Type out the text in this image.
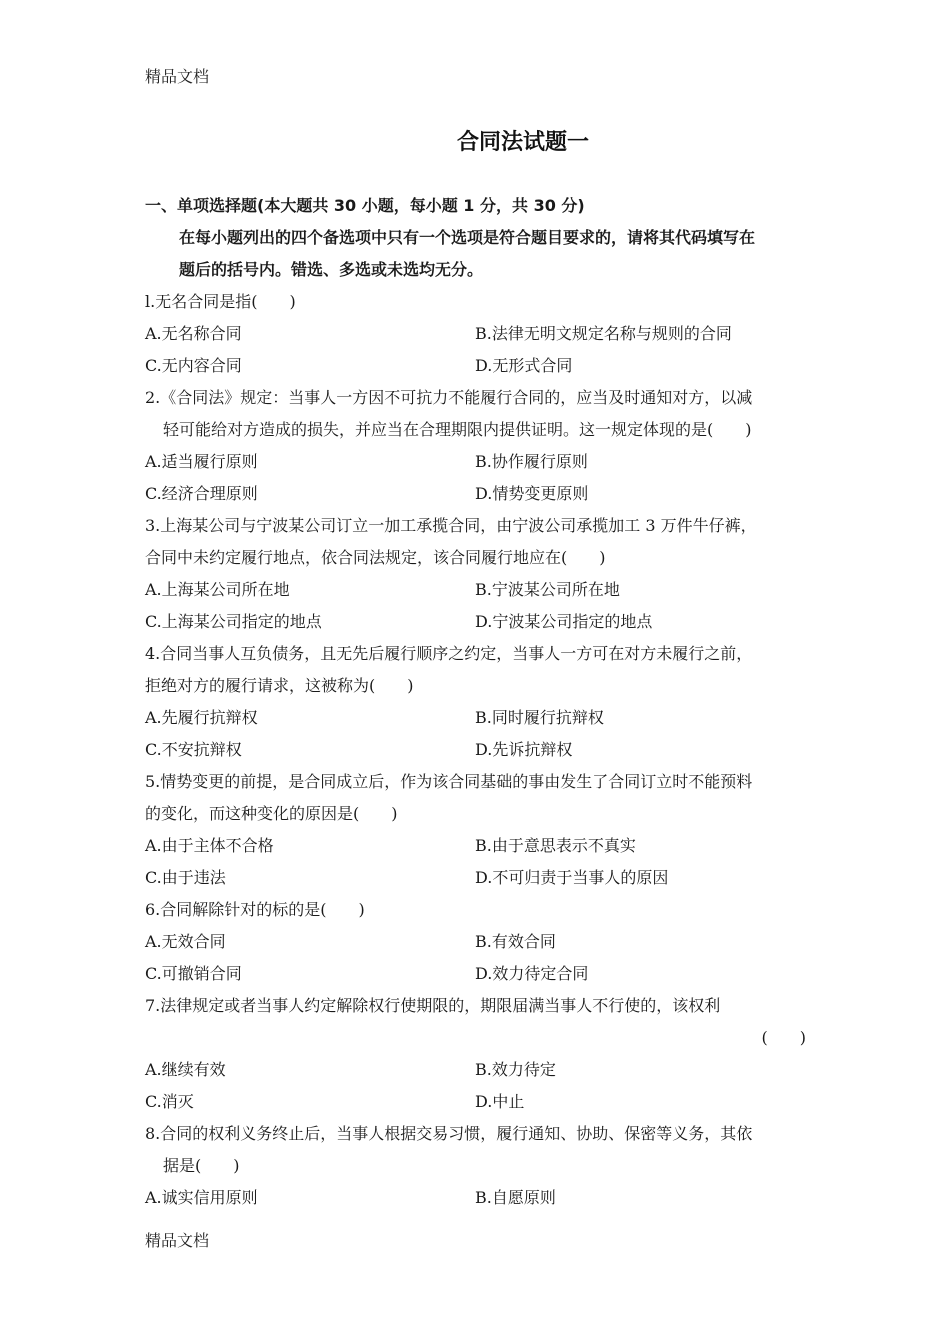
精品文档
合同法试题一
一、单项选择题(本大题共 30 小题，每小题 1 分，共 30 分)
在每小题列出的四个备选项中只有一个选项是符合题目要求的，请将其代码填写在
题后的括号内。错选、多选或未选均无分。
l.无名合同是指(　　)
A.无名称合同	B.法律无明文规定名称与规则的合同
C.无内容合同	D.无形式合同
2.《合同法》规定：当事人一方因不可抗力不能履行合同的，应当及时通知对方，以减
轻可能给对方造成的损失，并应当在合理期限内提供证明。这一规定体现的是(　　)
A.适当履行原则	B.协作履行原则
C.经济合理原则	D.情势变更原则
3.上海某公司与宁波某公司订立一加工承揽合同，由宁波公司承揽加工 3 万件牛仔裤，
合同中未约定履行地点，依合同法规定，该合同履行地应在(　　)
A.上海某公司所在地	B.宁波某公司所在地
C.上海某公司指定的地点	D.宁波某公司指定的地点
4.合同当事人互负债务，且无先后履行顺序之约定，当事人一方可在对方未履行之前，
拒绝对方的履行请求，这被称为(　　)
A.先履行抗辩权	B.同时履行抗辩权
C.不安抗辩权	D.先诉抗辩权
5.情势变更的前提，是合同成立后，作为该合同基础的事由发生了合同订立时不能预料
的变化，而这种变化的原因是(　　)
A.由于主体不合格	B.由于意思表示不真实
C.由于违法	D.不可归责于当事人的原因
6.合同解除针对的标的是(　　)
A.无效合同	B.有效合同
C.可撤销合同	D.效力待定合同
7.法律规定或者当事人约定解除权行使期限的，期限届满当事人不行使的，该权利
(　　)
A.继续有效	B.效力待定
C.消灭	D.中止
8.合同的权利义务终止后，当事人根据交易习惯，履行通知、协助、保密等义务，其依
据是(　　)
A.诚实信用原则	B.自愿原则
精品文档
